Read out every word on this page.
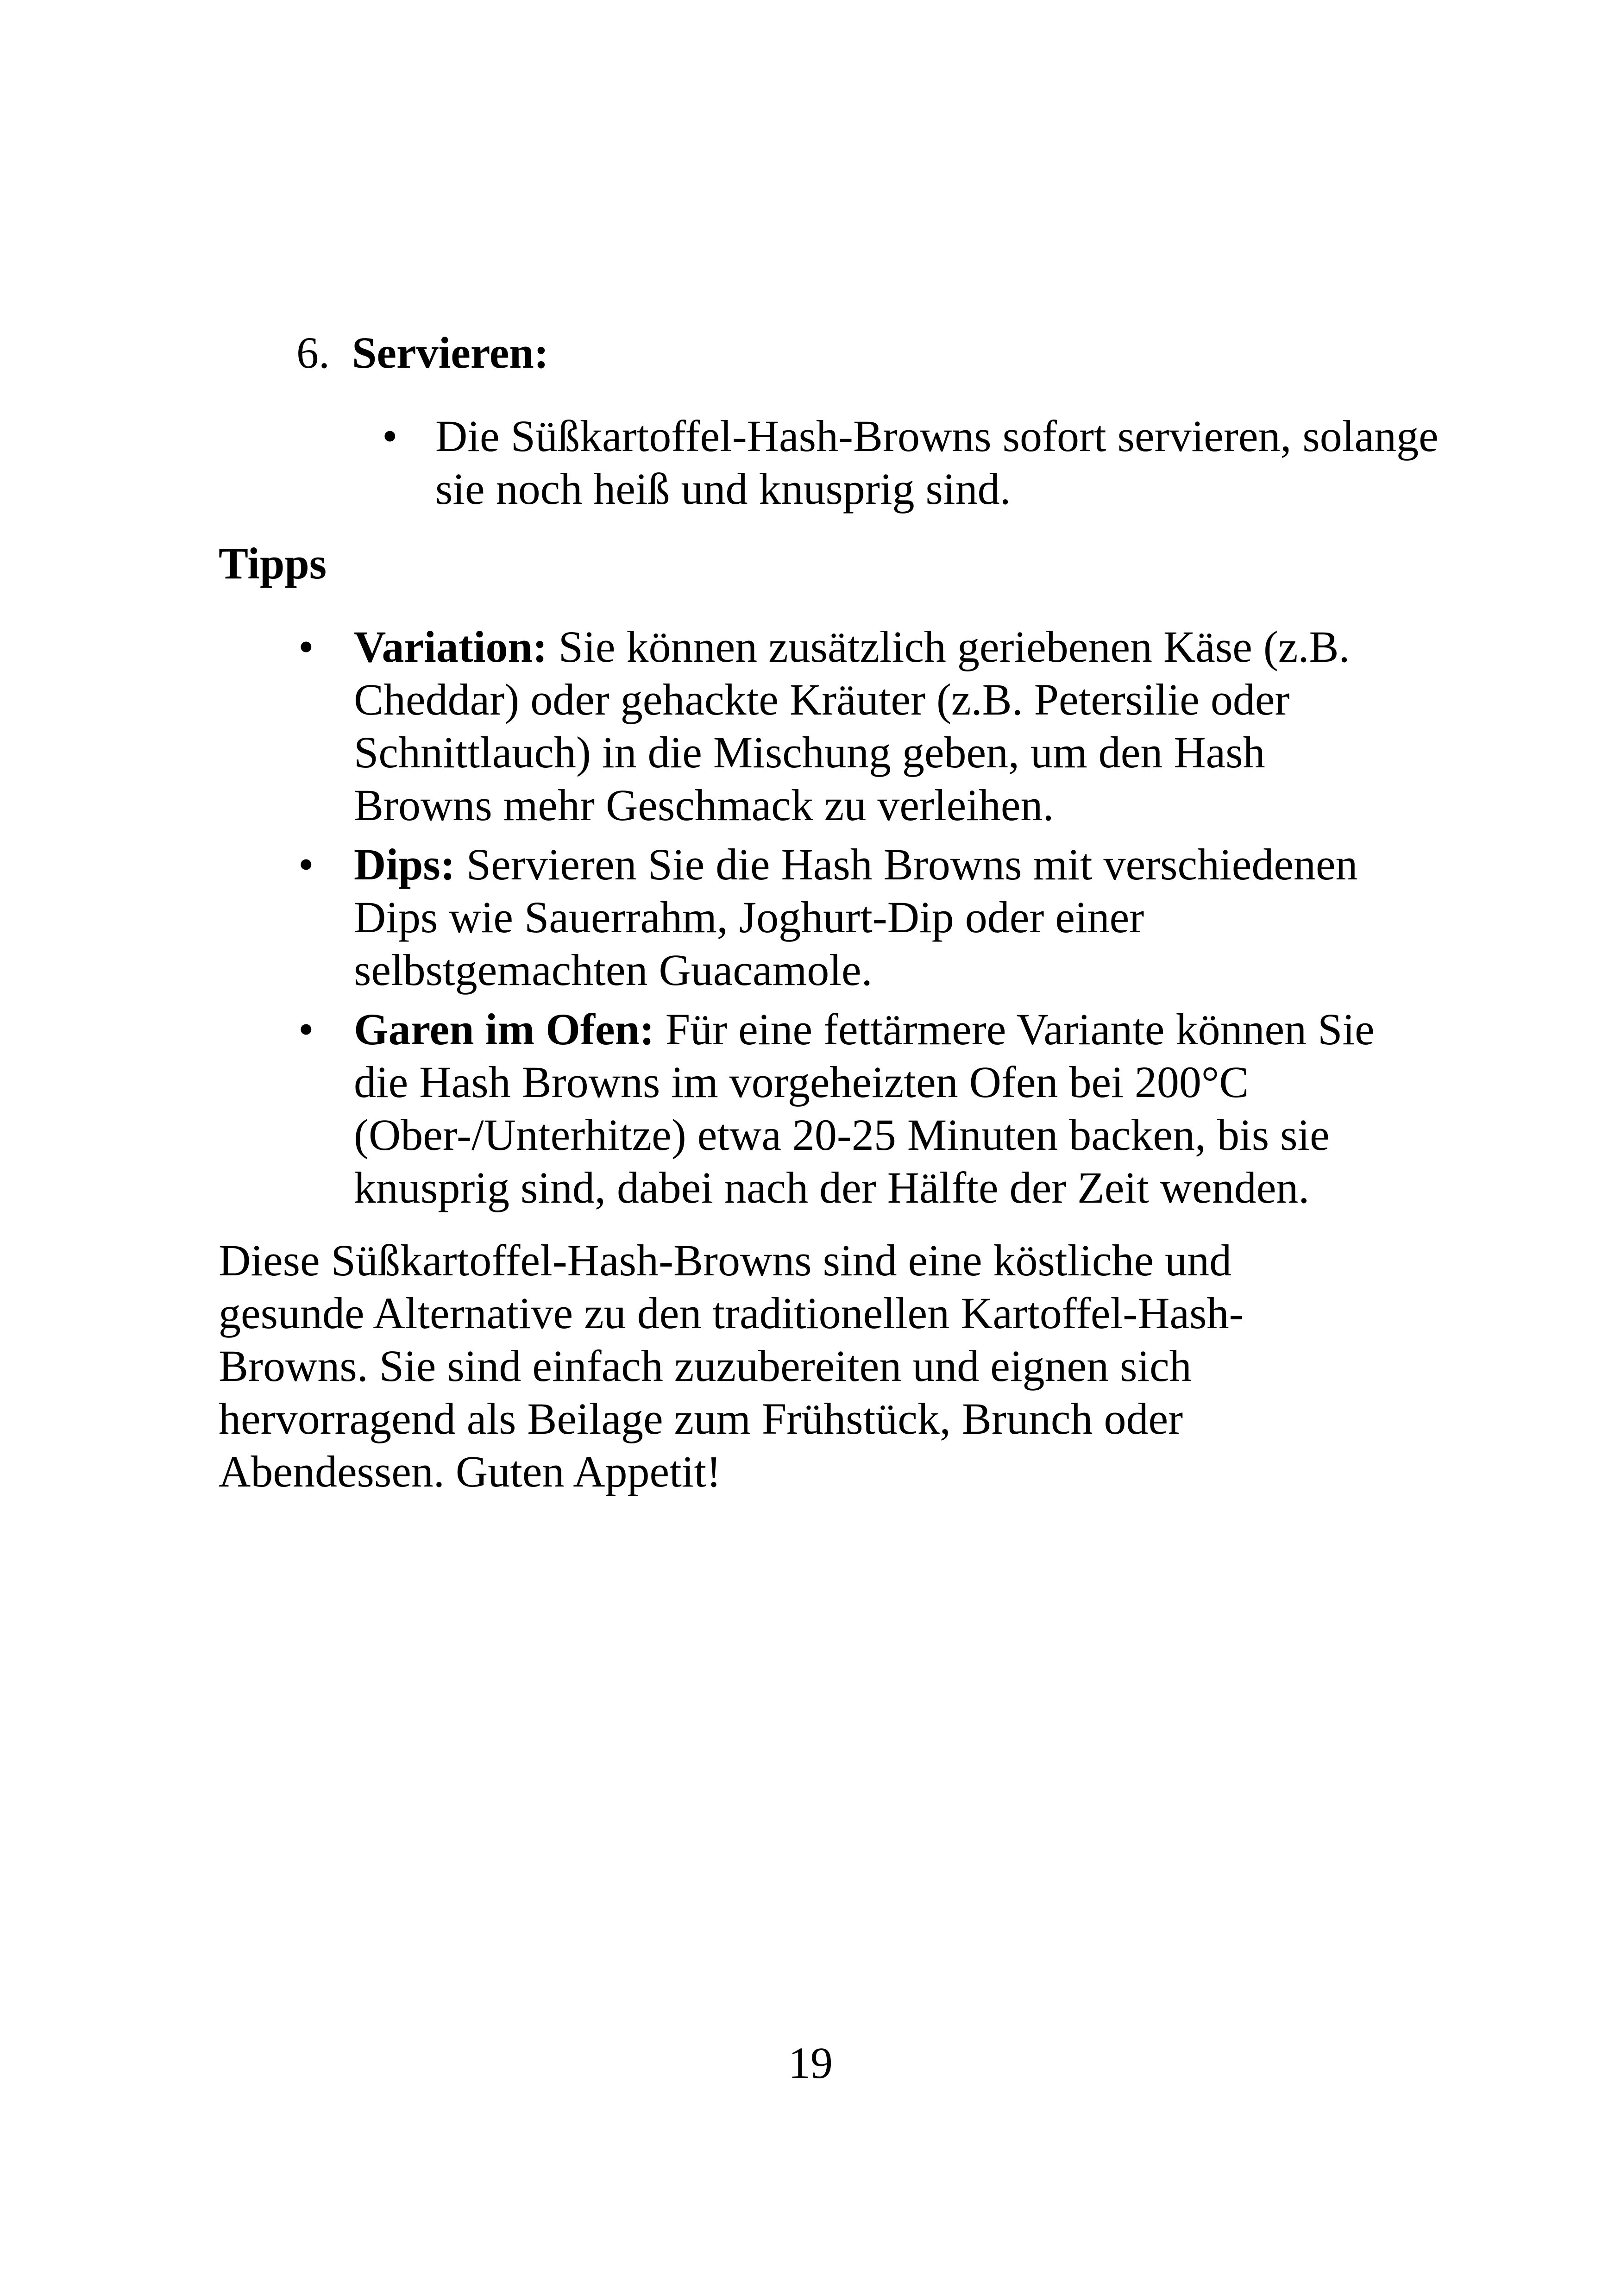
6. Servieren:
• Die Süßkartoffel-Hash-Browns sofort servieren, solange sie noch heiß und knusprig sind.
Tipps
• Variation: Sie können zusätzlich geriebenen Käse (z.B. Cheddar) oder gehackte Kräuter (z.B. Petersilie oder Schnittlauch) in die Mischung geben, um den Hash Browns mehr Geschmack zu verleihen.
• Dips: Servieren Sie die Hash Browns mit verschiedenen Dips wie Sauerrahm, Joghurt-Dip oder einer selbstgemachten Guacamole.
• Garen im Ofen: Für eine fettärmere Variante können Sie die Hash Browns im vorgeheizten Ofen bei 200°C (Ober-/Unterhitze) etwa 20-25 Minuten backen, bis sie knusprig sind, dabei nach der Hälfte der Zeit wenden.
Diese Süßkartoffel-Hash-Browns sind eine köstliche und gesunde Alternative zu den traditionellen Kartoffel-Hash-Browns. Sie sind einfach zuzubereiten und eignen sich hervorragend als Beilage zum Frühstück, Brunch oder Abendessen. Guten Appetit!
19
